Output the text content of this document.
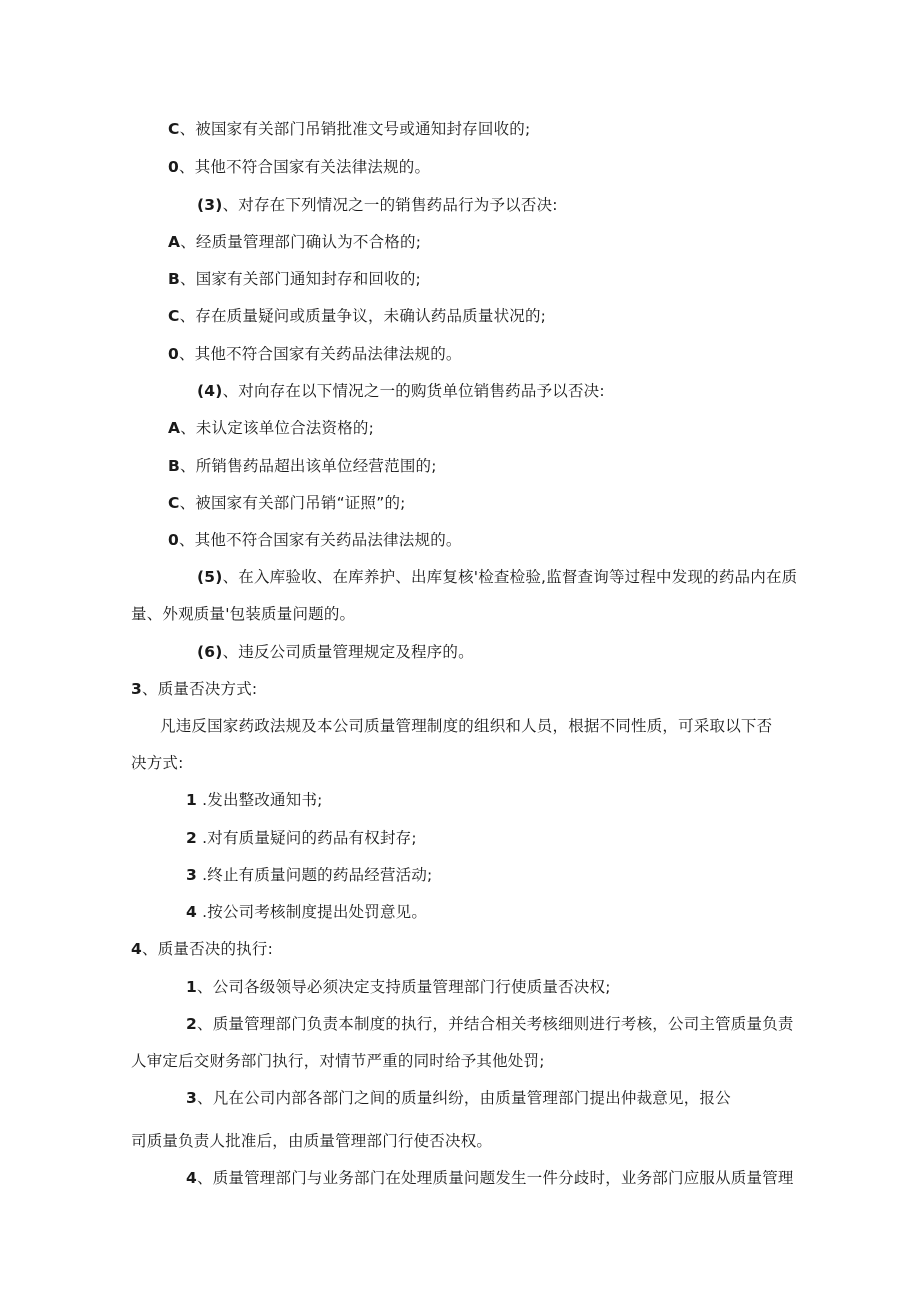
C、被国家有关部门吊销批准文号或通知封存回收的;
0、其他不符合国家有关法律法规的。
(3)、对存在下列情况之一的销售药品行为予以否决:
A、经质量管理部门确认为不合格的;
B、国家有关部门通知封存和回收的;
C、存在质量疑问或质量争议，未确认药品质量状况的;
0、其他不符合国家有关药品法律法规的。
(4)、对向存在以下情况之一的购货单位销售药品予以否决:
A、未认定该单位合法资格的;
B、所销售药品超出该单位经营范围的;
C、被国家有关部门吊销“证照”的;
0、其他不符合国家有关药品法律法规的。
(5)、在入库验收、在库养护、出库复核'检查检验,监督查询等过程中发现的药品内在质
量、外观质量'包装质量问题的。
(6)、违反公司质量管理规定及程序的。
3、质量否决方式:
凡违反国家药政法规及本公司质量管理制度的组织和人员，根据不同性质，可采取以下否
决方式:
1 .发出整改通知书;
2 .对有质量疑问的药品有权封存;
3 .终止有质量问题的药品经营活动;
4 .按公司考核制度提出处罚意见。
4、质量否决的执行:
1、公司各级领导必须决定支持质量管理部门行使质量否决权;
2、质量管理部门负责本制度的执行，并结合相关考核细则进行考核，公司主管质量负责
人审定后交财务部门执行，对情节严重的同时给予其他处罚;
3、凡在公司内部各部门之间的质量纠纷，由质量管理部门提出仲裁意见，报公
司质量负责人批准后，由质量管理部门行使否决权。
4、质量管理部门与业务部门在处理质量问题发生一件分歧时，业务部门应服从质量管理
